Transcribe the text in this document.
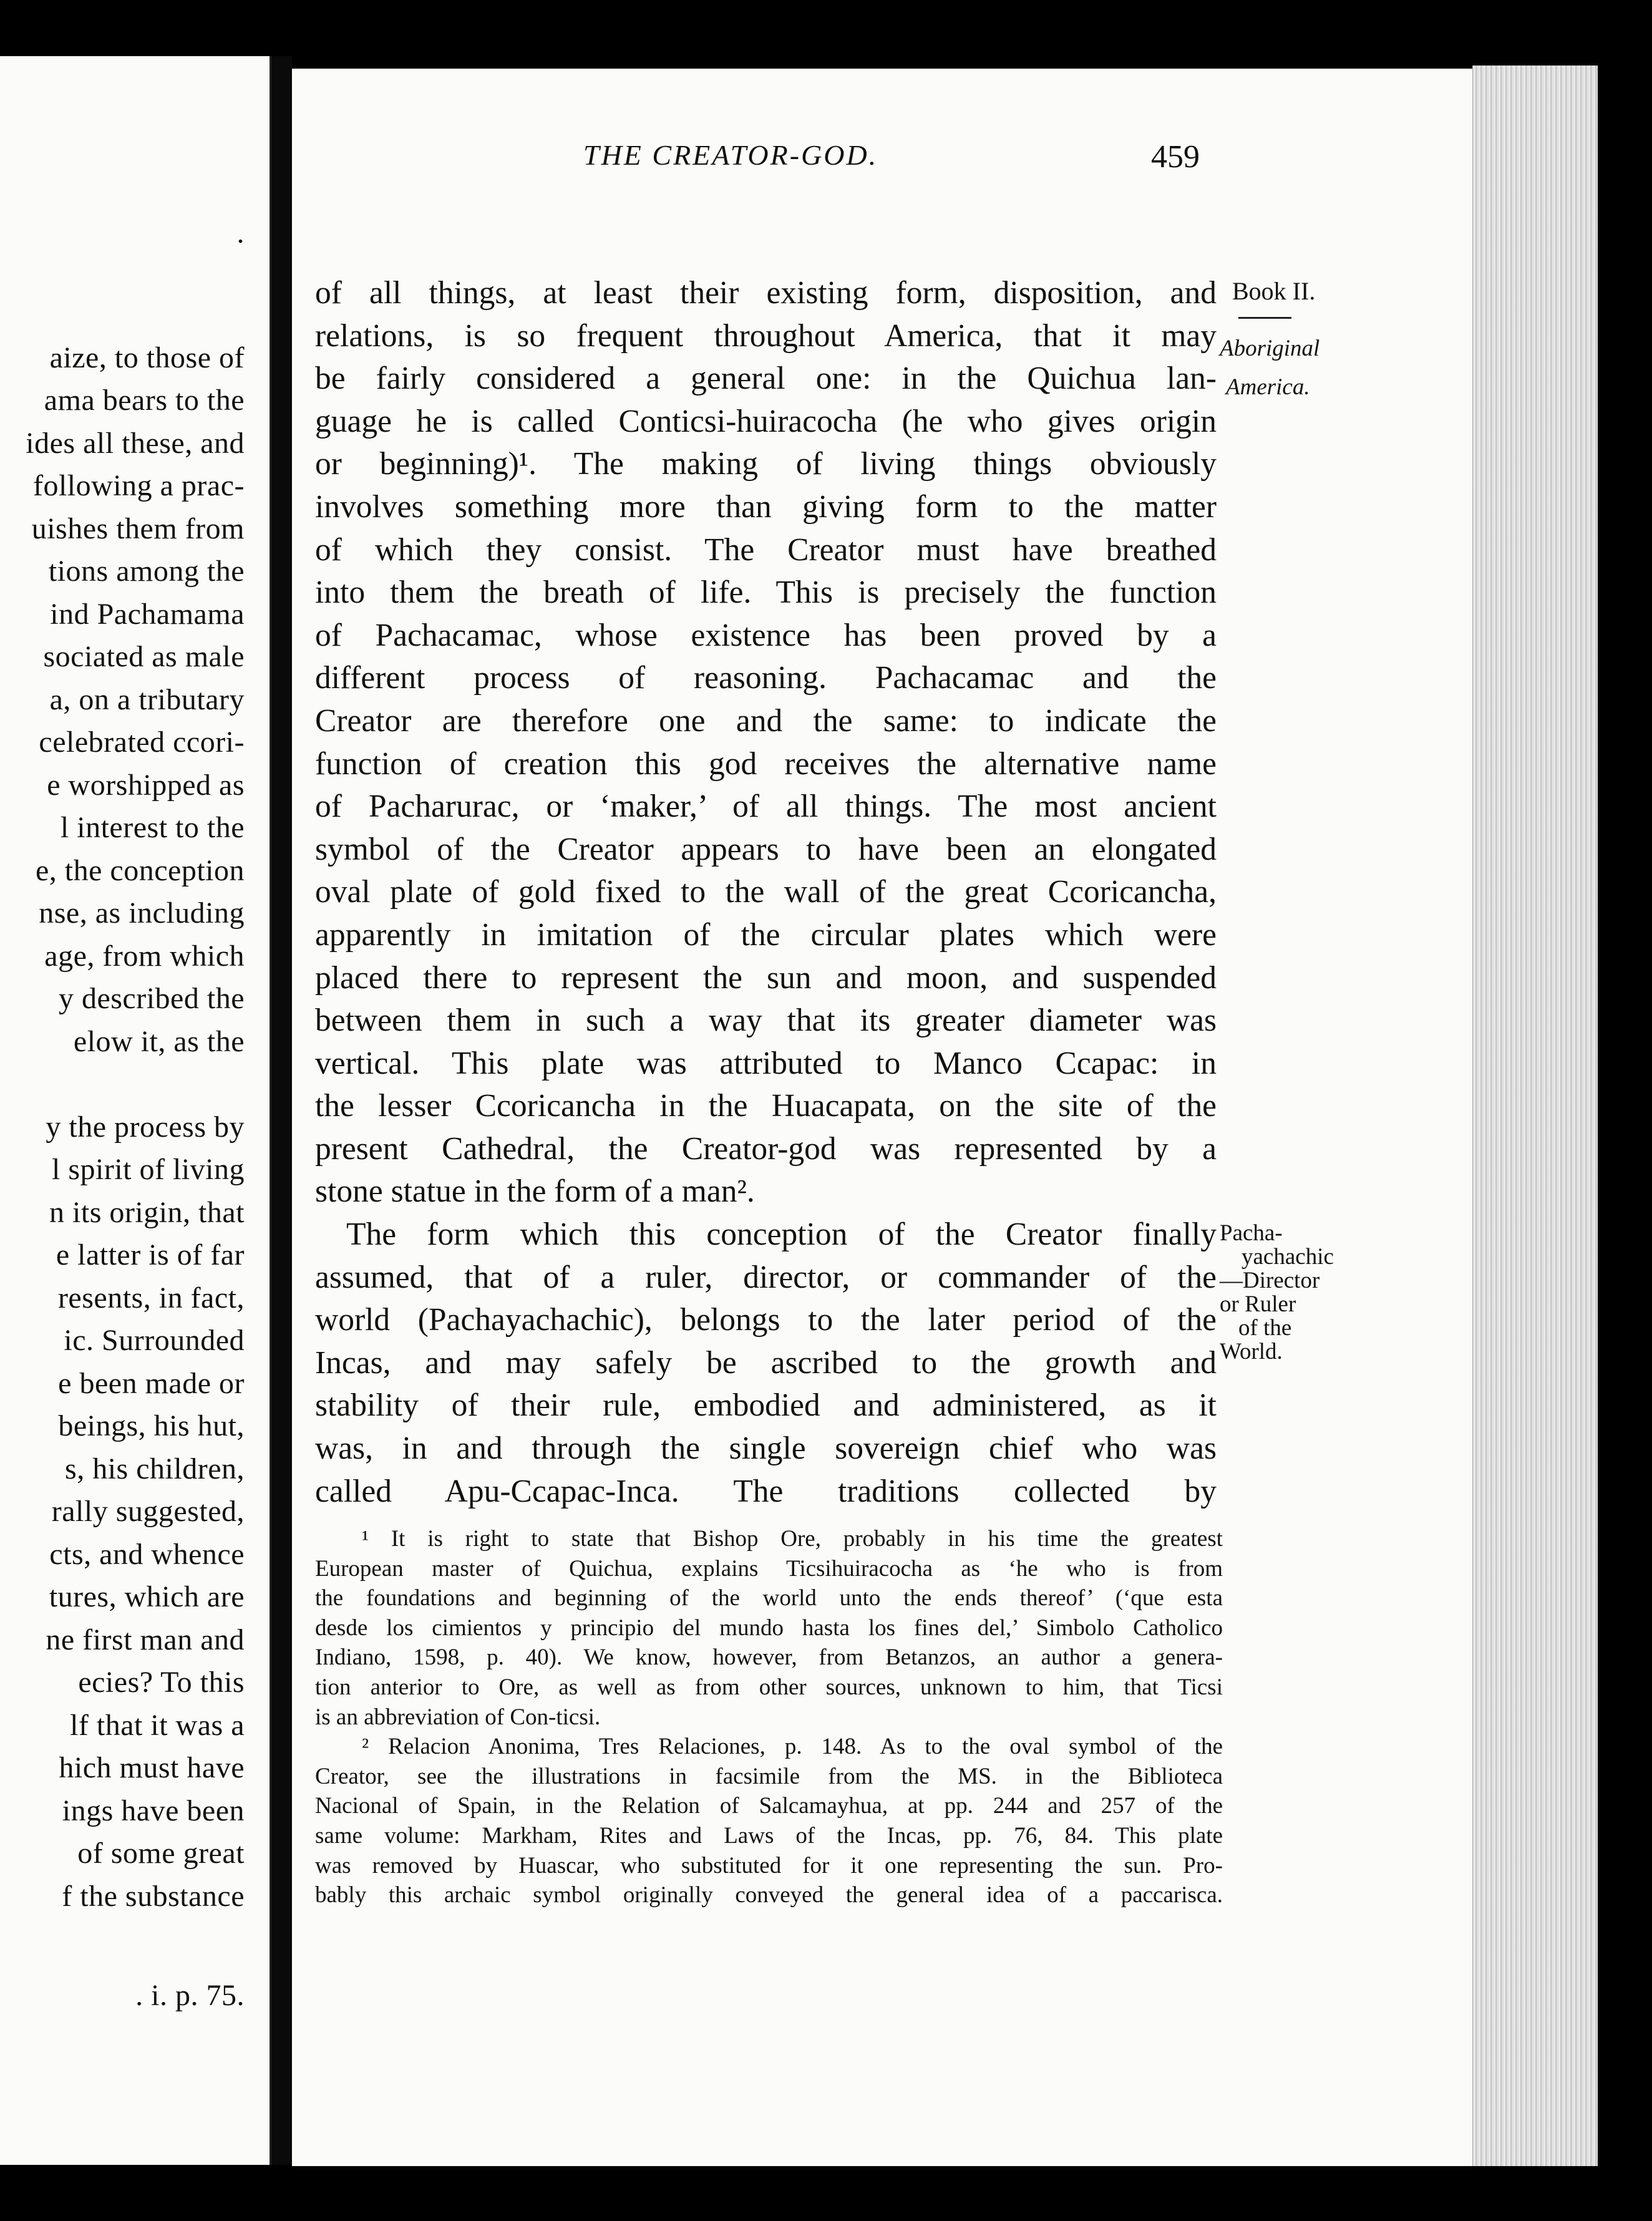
.
aize, to those of
ama bears to the
ides all these, and
following a prac-
uishes them from
tions among the
ind Pachamama
sociated as male
a, on a tributary
celebrated ccori-
e worshipped as
l interest to the
e, the conception
nse, as including
age, from which
y described the
elow it, as the
y the process by
l spirit of living
n its origin, that
e latter is of far
resents, in fact,
ic. Surrounded
e been made or
beings, his hut,
s, his children,
rally suggested,
cts, and whence
tures, which are
ne first man and
ecies? To this
lf that it was a
hich must have
ings have been
of some great
f the substance
. i. p. 75.
THE CREATOR-GOD.	459
Book II.
Aboriginal
America.
Pacha-
yachachic
—Director
or Ruler
of the
World.
of all things, at least their existing form, disposition, and
relations, is so frequent throughout America, that it may
be fairly considered a general one: in the Quichua lan-
guage he is called Conticsi-huiracocha (he who gives origin
or beginning)¹. The making of living things obviously
involves something more than giving form to the matter
of which they consist. The Creator must have breathed
into them the breath of life. This is precisely the function
of Pachacamac, whose existence has been proved by a
different process of reasoning. Pachacamac and the
Creator are therefore one and the same: to indicate the
function of creation this god receives the alternative name
of Pacharurac, or ‘maker,’ of all things. The most ancient
symbol of the Creator appears to have been an elongated
oval plate of gold fixed to the wall of the great Ccoricancha,
apparently in imitation of the circular plates which were
placed there to represent the sun and moon, and suspended
between them in such a way that its greater diameter was
vertical. This plate was attributed to Manco Ccapac: in
the lesser Ccoricancha in the Huacapata, on the site of the
present Cathedral, the Creator-god was represented by a
stone statue in the form of a man².
The form which this conception of the Creator finally
assumed, that of a ruler, director, or commander of the
world (Pachayachachic), belongs to the later period of the
Incas, and may safely be ascribed to the growth and
stability of their rule, embodied and administered, as it
was, in and through the single sovereign chief who was
called Apu-Ccapac-Inca. The traditions collected by
¹ It is right to state that Bishop Ore, probably in his time the greatest
European master of Quichua, explains Ticsihuiracocha as ‘he who is from
the foundations and beginning of the world unto the ends thereof’ (‘que esta
desde los cimientos y principio del mundo hasta los fines del,’ Simbolo Catholico
Indiano, 1598, p. 40). We know, however, from Betanzos, an author a genera-
tion anterior to Ore, as well as from other sources, unknown to him, that Ticsi
is an abbreviation of Con-ticsi.
² Relacion Anonima, Tres Relaciones, p. 148. As to the oval symbol of the
Creator, see the illustrations in facsimile from the MS. in the Biblioteca
Nacional of Spain, in the Relation of Salcamayhua, at pp. 244 and 257 of the
same volume: Markham, Rites and Laws of the Incas, pp. 76, 84. This plate
was removed by Huascar, who substituted for it one representing the sun. Pro-
bably this archaic symbol originally conveyed the general idea of a paccarisca.
